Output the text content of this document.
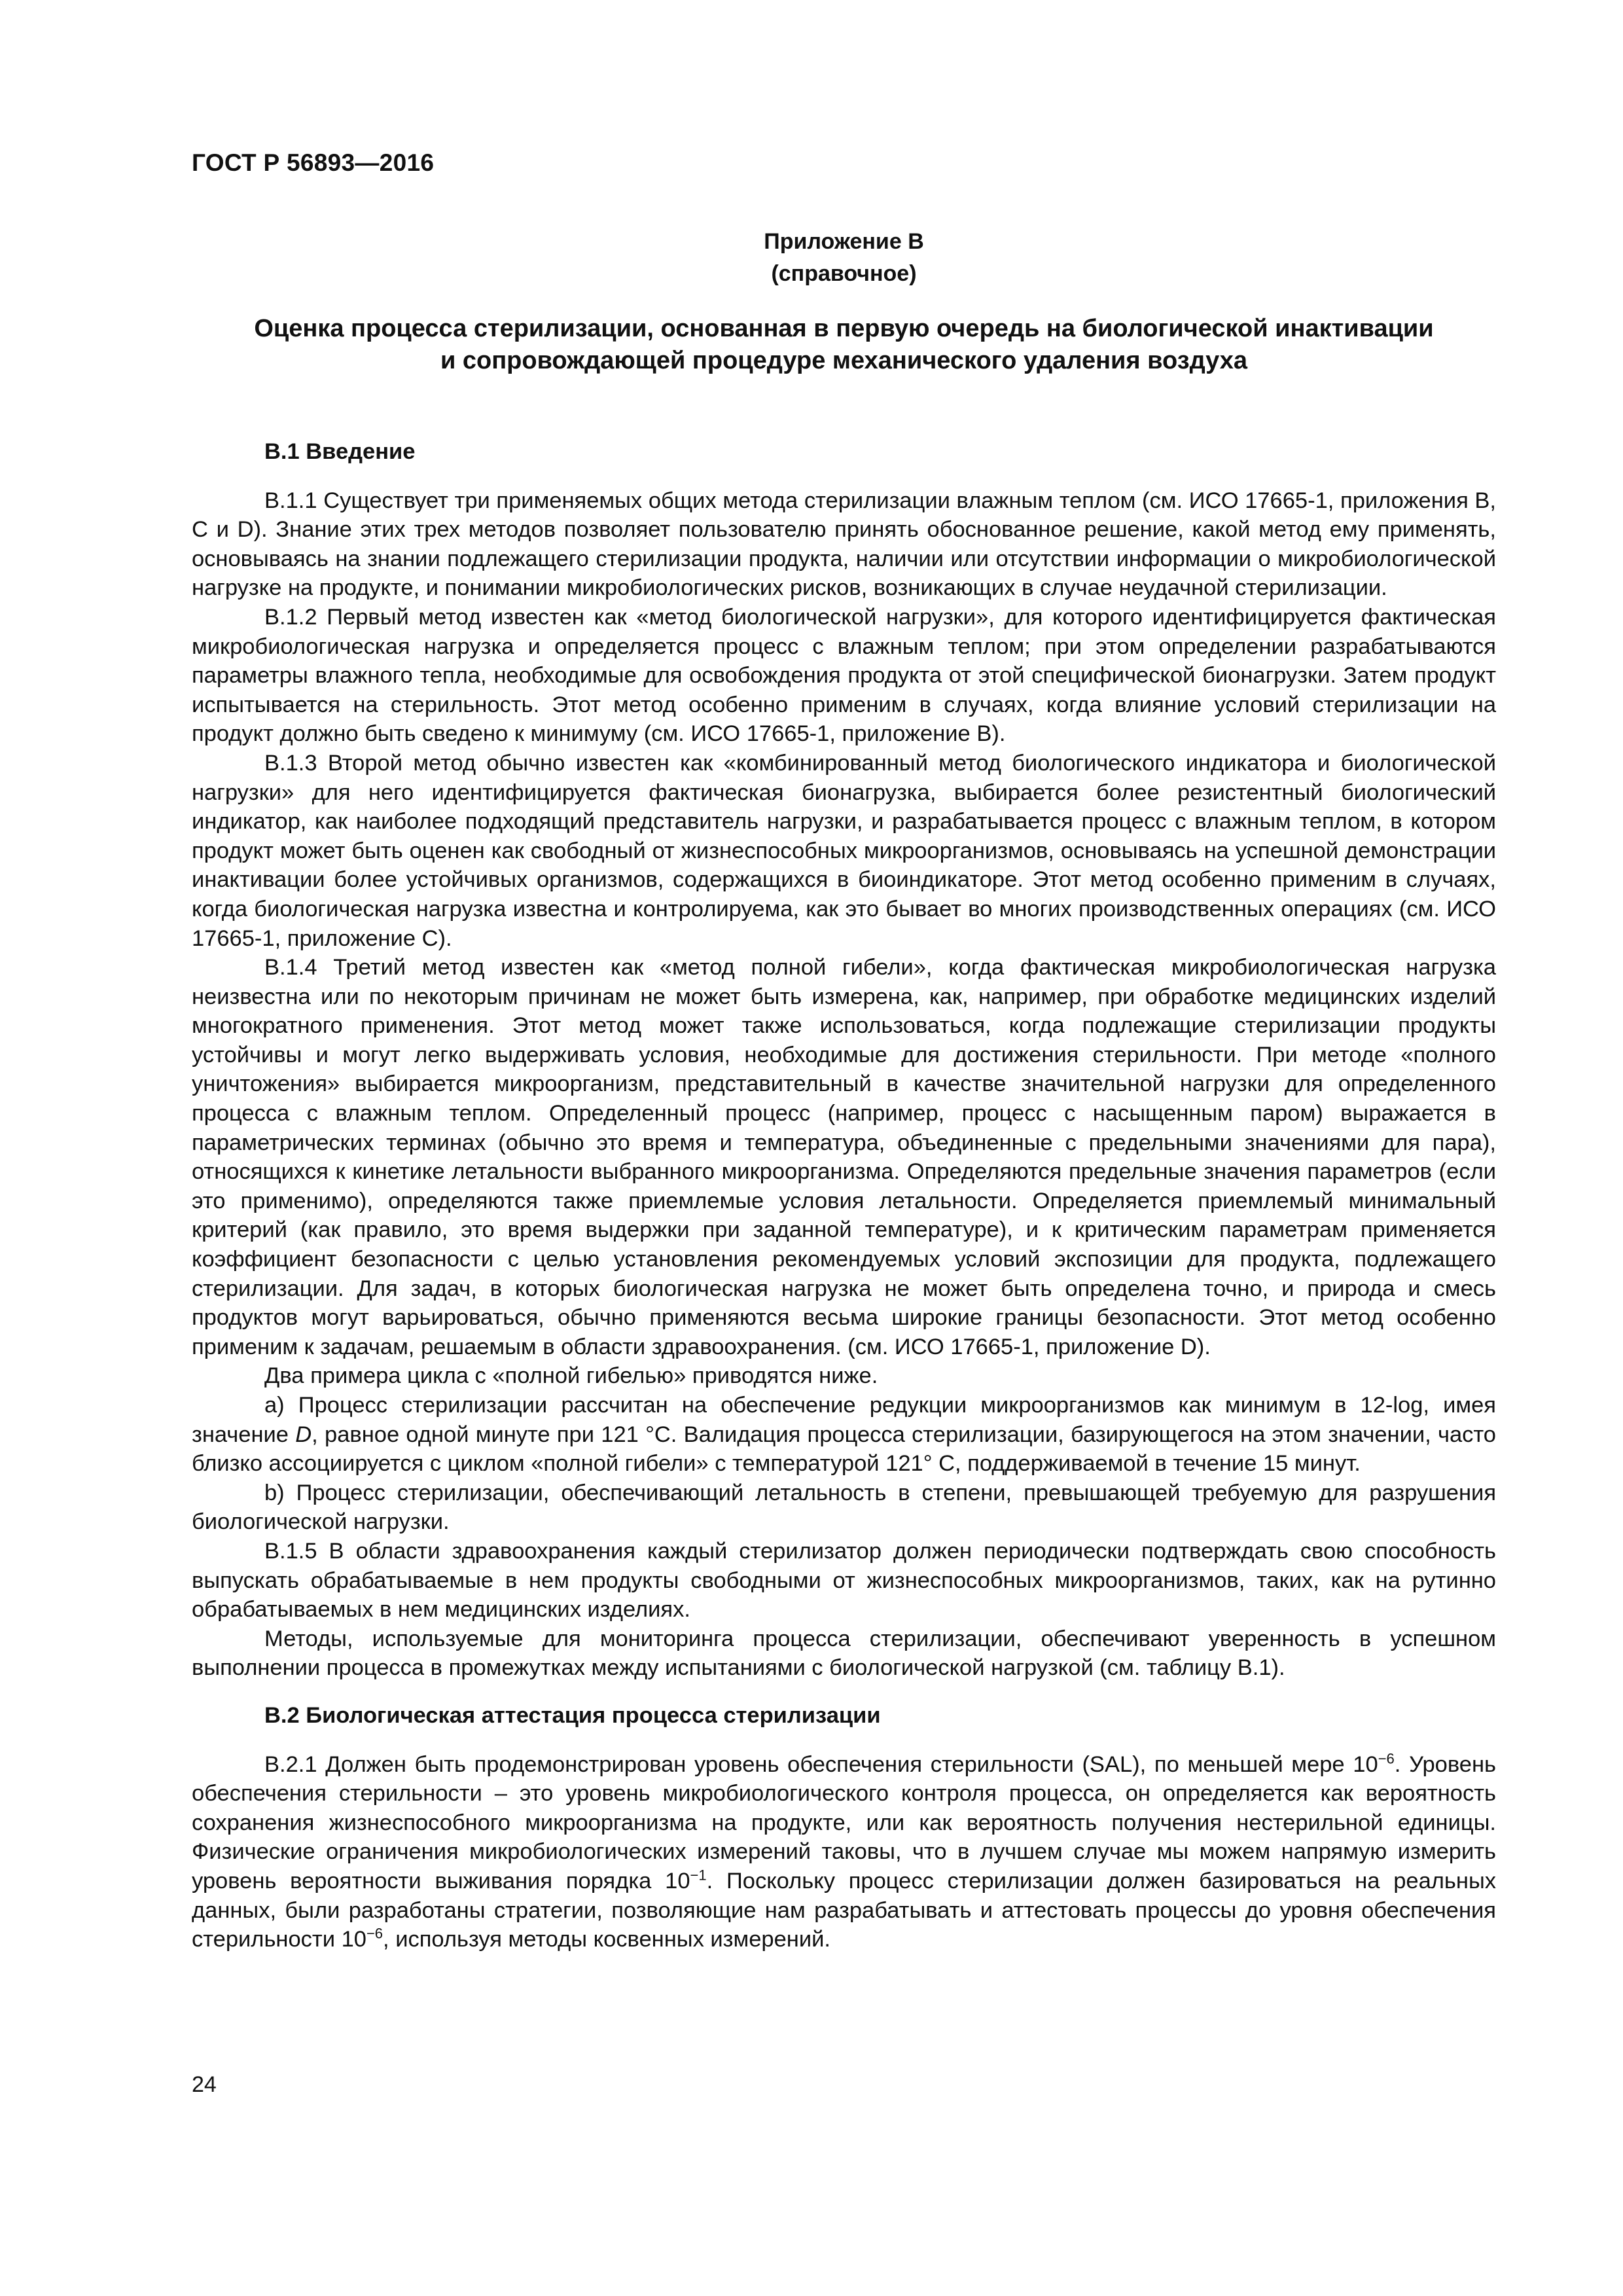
ГОСТ Р 56893—2016
Приложение В
(справочное)
Оценка процесса стерилизации, основанная в первую очередь на биологической инактивации
и сопровождающей процедуре механического удаления воздуха
В.1 Введение

В.1.1 Существует три применяемых общих метода стерилизации влажным теплом (см. ИСО 17665-1, приложения B, C и D). Знание этих трех методов позволяет пользователю принять обоснованное решение, какой метод ему применять, основываясь на знании подлежащего стерилизации продукта, наличии или отсутствии информации о микробиологической нагрузке на продукте, и понимании микробиологических рисков, возникающих в случае неудачной стерилизации.

В.1.2 Первый метод известен как «метод биологической нагрузки», для которого идентифицируется фактическая микробиологическая нагрузка и определяется процесс с влажным теплом; при этом определении разрабатываются параметры влажного тепла, необходимые для освобождения продукта от этой специфической бионагрузки. Затем продукт испытывается на стерильность. Этот метод особенно применим в случаях, когда влияние условий стерилизации на продукт должно быть сведено к минимуму (см. ИСО 17665-1, приложение В).

В.1.3 Второй метод обычно известен как «комбинированный метод биологического индикатора и биологической нагрузки» для него идентифицируется фактическая бионагрузка, выбирается более резистентный биологический индикатор, как наиболее подходящий представитель нагрузки, и разрабатывается процесс с влажным теплом, в котором продукт может быть оценен как свободный от жизнеспособных микроорганизмов, основываясь на успешной демонстрации инактивации более устойчивых организмов, содержащихся в биоиндикаторе. Этот метод особенно применим в случаях, когда биологическая нагрузка известна и контролируема, как это бывает во многих производственных операциях (см. ИСО 17665-1, приложение С).

В.1.4 Третий метод известен как «метод полной гибели», когда фактическая микробиологическая нагрузка неизвестна или по некоторым причинам не может быть измерена, как, например, при обработке медицинских изделий многократного применения. Этот метод может также использоваться, когда подлежащие стерилизации продукты устойчивы и могут легко выдерживать условия, необходимые для достижения стерильности. При методе «полного уничтожения» выбирается микроорганизм, представительный в качестве значительной нагрузки для определенного процесса с влажным теплом. Определенный процесс (например, процесс с насыщенным паром) выражается в параметрических терминах (обычно это время и температура, объединенные с предельными значениями для пара), относящихся к кинетике летальности выбранного микроорганизма. Определяются предельные значения параметров (если это применимо), определяются также приемлемые условия летальности. Определяется приемлемый минимальный критерий (как правило, это время выдержки при заданной температуре), и к критическим параметрам применяется коэффициент безопасности с целью установления рекомендуемых условий экспозиции для продукта, подлежащего стерилизации. Для задач, в которых биологическая нагрузка не может быть определена точно, и природа и смесь продуктов могут варьироваться, обычно применяются весьма широкие границы безопасности. Этот метод особенно применим к задачам, решаемым в области здравоохранения. (см. ИСО 17665-1, приложение D).

Два примера цикла с «полной гибелью» приводятся ниже.

a) Процесс стерилизации рассчитан на обеспечение редукции микроорганизмов как минимум в 12-log, имея значение D, равное одной минуте при 121 °C. Валидация процесса стерилизации, базирующегося на этом значении, часто близко ассоциируется с циклом «полной гибели» с температурой 121° С, поддерживаемой в течение 15 минут.

b) Процесс стерилизации, обеспечивающий летальность в степени, превышающей требуемую для разрушения биологической нагрузки.

В.1.5 В области здравоохранения каждый стерилизатор должен периодически подтверждать свою способность выпускать обрабатываемые в нем продукты свободными от жизнеспособных микроорганизмов, таких, как на рутинно обрабатываемых в нем медицинских изделиях.

Методы, используемые для мониторинга процесса стерилизации, обеспечивают уверенность в успешном выполнении процесса в промежутках между испытаниями с биологической нагрузкой (см. таблицу В.1).

В.2 Биологическая аттестация процесса стерилизации

В.2.1 Должен быть продемонстрирован уровень обеспечения стерильности (SAL), по меньшей мере $10^{-6}$. Уровень обеспечения стерильности – это уровень микробиологического контроля процесса, он определяется как вероятность сохранения жизнеспособного микроорганизма на продукте, или как вероятность получения нестерильной единицы. Физические ограничения микробиологических измерений таковы, что в лучшем случае мы можем напрямую измерить уровень вероятности выживания порядка $10^{-1}$. Поскольку процесс стерилизации должен базироваться на реальных данных, были разработаны стратегии, позволяющие нам разрабатывать и аттестовать процессы до уровня обеспечения стерильности $10^{-6}$, используя методы косвенных измерений.

24
